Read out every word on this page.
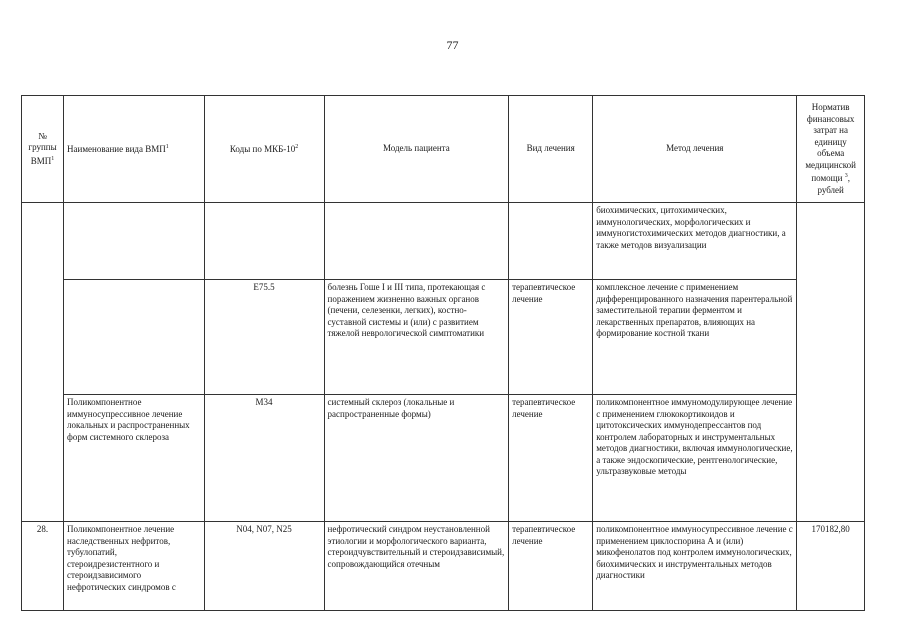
77
№ группы ВМП$^1$	Наименование вида ВМП$^1$	Коды по МКБ-$10^2$	Модель пациента	Вид лечения	Метод лечения	Норматив финансовых затрат на единицу объема медицинской помощи $^3$, рублей
					биохимических, цитохимических, иммунологических, морфологических и иммуногистохимических методов диагностики, а также методов визуализации	
		E75.5	болезнь Гоше I и III типа, протекающая с поражением жизненно важных органов (печени, селезенки, легких), костно-суставной системы и (или) с развитием тяжелой неврологической симптоматики	терапевтическое лечение	комплексное лечение с применением дифференцированного назначения парентеральной заместительной терапии ферментом и лекарственных препаратов, влияющих на формирование костной ткани	
	Поликомпонентное иммуносупрессивное лечение локальных и распространенных форм системного склероза	M34	системный склероз (локальные и распространенные формы)	терапевтическое лечение	поликомпонентное иммуномодулирующее лечение с применением глюкокортикоидов и цитотоксических иммунодепрессантов под контролем лабораторных и инструментальных методов диагностики, включая иммунологические, а также эндоскопические, рентгенологические, ультразвуковые методы	
28.	Поликомпонентное лечение наследственных нефритов, тубулопатий, стероидрезистентного и стероидзависимого нефротических синдромов с	N04, N07, N25	нефротический синдром неустановленной этиологии и морфологического варианта, стероидчувствительный и стероидзависимый, сопровождающийся отечным	терапевтическое лечение	поликомпонентное иммуносупрессивное лечение с применением циклоспорина А и (или) микофенолатов под контролем иммунологических, биохимических и инструментальных методов диагностики	170182,80
